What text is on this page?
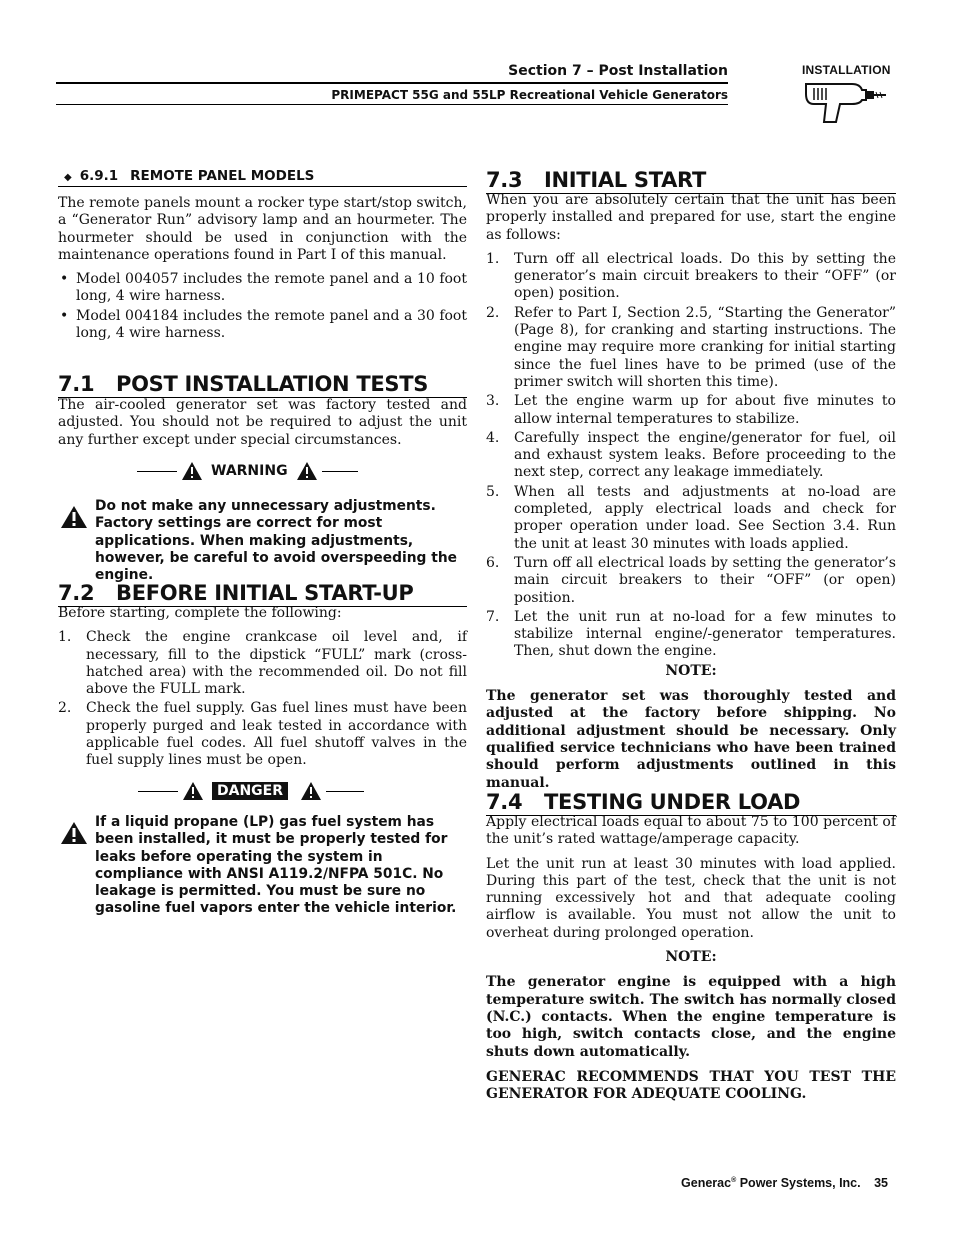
Section 7 – Post Installation
PRIMEPACT 55G and 55LP Recreational Vehicle Generators
INSTALLATION
◆ 6.9.1 REMOTE PANEL MODELS

The remote panels mount a rocker type start/stop switch, a “Generator Run” advisory lamp and an hourmeter. The hourmeter should be used in conjunction with the maintenance operations found in Part I of this manual.

• Model 004057 includes the remote panel and a 10 foot long, 4 wire harness.
• Model 004184 includes the remote panel and a 30 foot long, 4 wire harness.
7.1 POST INSTALLATION TESTS

The air-cooled generator set was factory tested and adjusted. You should not be required to adjust the unit any further except under special circumstances.

WARNING
Do not make any unnecessary adjustments. Factory settings are correct for most applications. When making adjustments, however, be careful to avoid overspeeding the engine.
7.2 BEFORE INITIAL START-UP

Before starting, complete the following:

1. Check the engine crankcase oil level and, if necessary, fill to the dipstick “FULL” mark (cross-hatched area) with the recommended oil. Do not fill above the FULL mark.
2. Check the fuel supply. Gas fuel lines must have been properly purged and leak tested in accordance with applicable fuel codes. All fuel shutoff valves in the fuel supply lines must be open.
DANGER
If a liquid propane (LP) gas fuel system has been installed, it must be properly tested for leaks before operating the system in compliance with ANSI A119.2/NFPA 501C. No leakage is permitted. You must be sure no gasoline fuel vapors enter the vehicle interior.
7.3 INITIAL START

When you are absolutely certain that the unit has been properly installed and prepared for use, start the engine as follows:

1. Turn off all electrical loads. Do this by setting the generator’s main circuit breakers to their “OFF” (or open) position.
2. Refer to Part I, Section 2.5, “Starting the Generator” (Page 8), for cranking and starting instructions. The engine may require more cranking for initial starting since the fuel lines have to be primed (use of the primer switch will shorten this time).
3. Let the engine warm up for about five minutes to allow internal temperatures to stabilize.
4. Carefully inspect the engine/generator for fuel, oil and exhaust system leaks. Before proceeding to the next step, correct any leakage immediately.
5. When all tests and adjustments at no-load are completed, apply electrical loads and check for proper operation under load. See Section 3.4. Run the unit at least 30 minutes with loads applied.
6. Turn off all electrical loads by setting the generator’s main circuit breakers to their “OFF” (or open) position.
7. Let the unit run at no-load for a few minutes to stabilize internal engine/-generator temperatures. Then, shut down the engine.

NOTE:

The generator set was thoroughly tested and adjusted at the factory before shipping. No additional adjustment should be necessary. Only qualified service technicians who have been trained should perform adjustments outlined in this manual.

7.4 TESTING UNDER LOAD

Apply electrical loads equal to about 75 to 100 percent of the unit’s rated wattage/amperage capacity.

Let the unit run at least 30 minutes with load applied. During this part of the test, check that the unit is not running excessively hot and that adequate cooling airflow is available. You must not allow the unit to overheat during prolonged operation.

NOTE:

The generator engine is equipped with a high temperature switch. The switch has normally closed (N.C.) contacts. When the engine temperature is too high, switch contacts close, and the engine shuts down automatically.

GENERAC RECOMMENDS THAT YOU TEST THE GENERATOR FOR ADEQUATE COOLING.

Generac® Power Systems, Inc. 35
